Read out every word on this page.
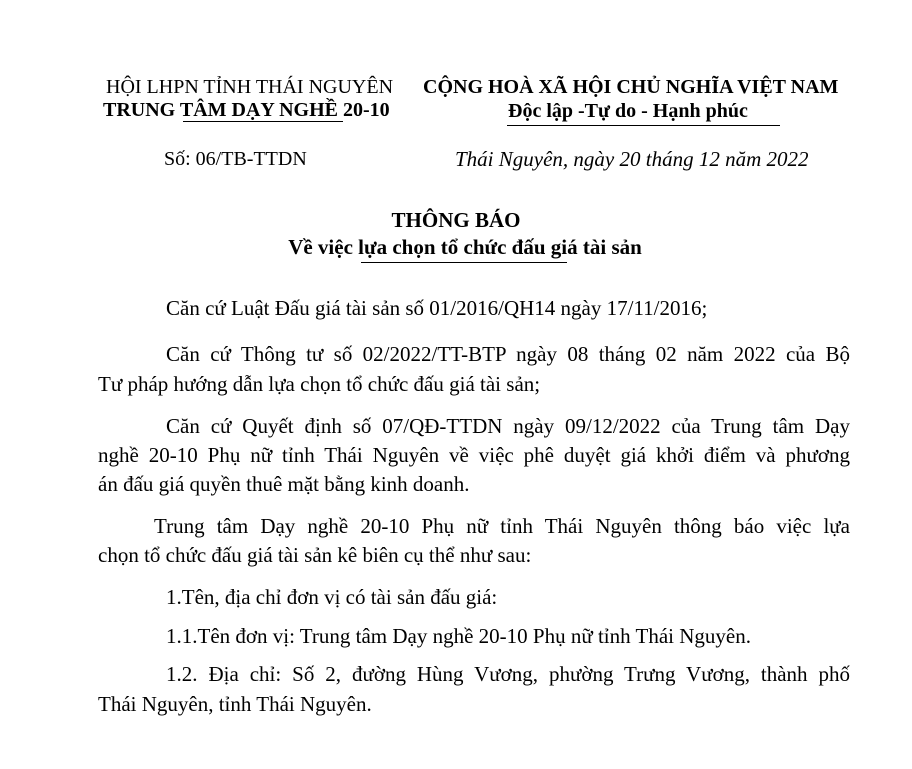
HỘI LHPN TỈNH THÁI NGUYÊN
TRUNG TÂM DẠY NGHỀ 20-10
CỘNG HOÀ XÃ HỘI CHỦ NGHĨA VIỆT NAM
Độc lập -Tự do - Hạnh phúc
Số: 06/TB-TTDN	Thái Nguyên, ngày 20 tháng 12 năm 2022
THÔNG BÁO
Về việc lựa chọn tổ chức đấu giá tài sản
Căn cứ Luật Đấu giá tài sản số 01/2016/QH14 ngày 17/11/2016;
Căn cứ Thông tư số 02/2022/TT-BTP ngày 08 tháng 02 năm 2022 của Bộ
Tư pháp hướng dẫn lựa chọn tổ chức đấu giá tài sản;
Căn cứ Quyết định số 07/QĐ-TTDN ngày 09/12/2022 của Trung tâm Dạy
nghề 20-10 Phụ nữ tỉnh Thái Nguyên về việc phê duyệt giá khởi điểm và phương
án đấu giá quyền thuê mặt bằng kinh doanh.
Trung tâm Dạy nghề 20-10 Phụ nữ tỉnh Thái Nguyên thông báo việc lựa
chọn tổ chức đấu giá tài sản kê biên cụ thể như sau:
1.Tên, địa chỉ đơn vị có tài sản đấu giá:
1.1.Tên đơn vị: Trung tâm Dạy nghề 20-10 Phụ nữ tỉnh Thái Nguyên.
1.2. Địa chỉ: Số 2, đường Hùng Vương, phường Trưng Vương, thành phố
Thái Nguyên, tỉnh Thái Nguyên.
